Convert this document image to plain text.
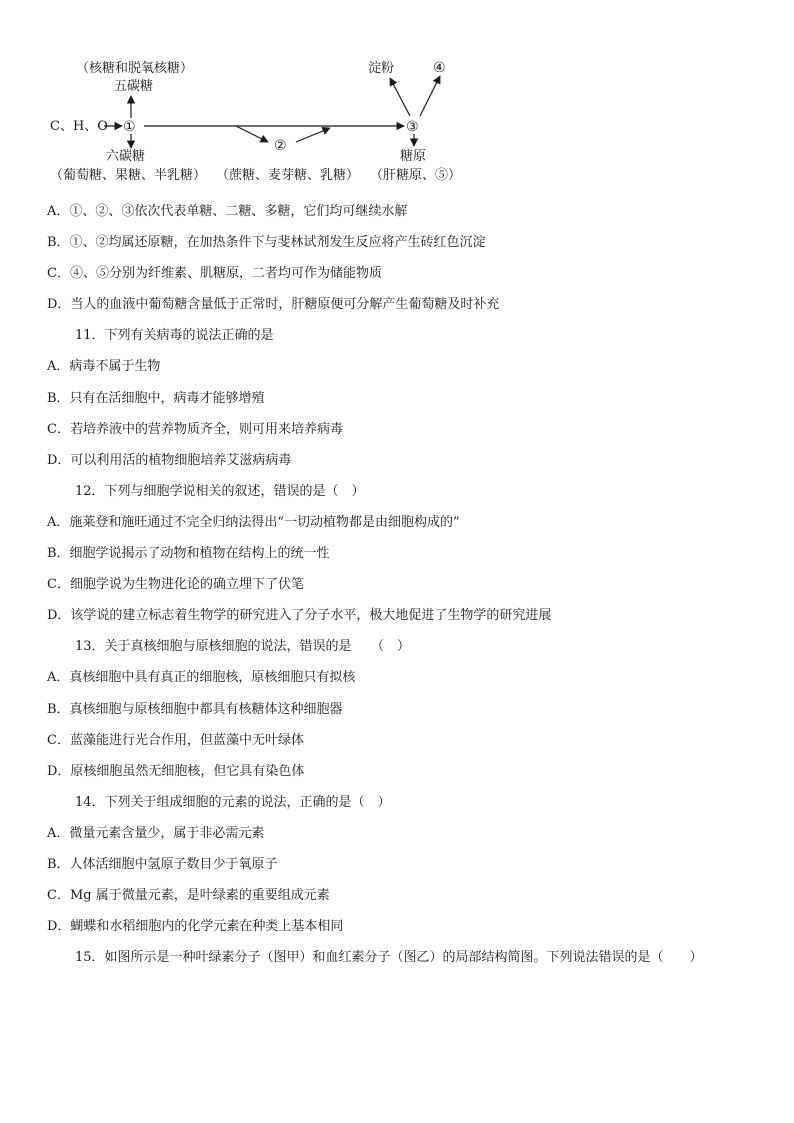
（核糖和脱氧核糖）
五碳糖
C、H、O ①
②
③
淀粉	④
六碳糖
（葡萄糖、果糖、半乳糖） （蔗糖、麦芽糖、乳糖）
糖原
（肝糖原、⑤）
A．①、②、③依次代表单糖、二糖、多糖，它们均可继续水解
B．①、②均属还原糖，在加热条件下与斐林试剂发生反应将产生砖红色沉淀
C．④、⑤分别为纤维素、肌糖原，二者均可作为储能物质
D．当人的血液中葡萄糖含量低于正常时，肝糖原便可分解产生葡萄糖及时补充
11．下列有关病毒的说法正确的是
A．病毒不属于生物
B．只有在活细胞中，病毒才能够增殖
C．若培养液中的营养物质齐全，则可用来培养病毒
D．可以利用活的植物细胞培养艾滋病病毒
12．下列与细胞学说相关的叙述，错误的是（　）
A．施莱登和施旺通过不完全归纳法得出“一切动植物都是由细胞构成的”
B．细胞学说揭示了动物和植物在结构上的统一性
C．细胞学说为生物进化论的确立埋下了伏笔
D．该学说的建立标志着生物学的研究进入了分子水平，极大地促进了生物学的研究进展
13．关于真核细胞与原核细胞的说法，错误的是　　（　）
A．真核细胞中具有真正的细胞核，原核细胞只有拟核
B．真核细胞与原核细胞中都具有核糖体这种细胞器
C．蓝藻能进行光合作用，但蓝藻中无叶绿体
D．原核细胞虽然无细胞核，但它具有染色体
14．下列关于组成细胞的元素的说法，正确的是（　）
A．微量元素含量少，属于非必需元素
B．人体活细胞中氢原子数目少于氧原子
C．Mg 属于微量元素，是叶绿素的重要组成元素
D．蝴蝶和水稻细胞内的化学元素在种类上基本相同
15．如图所示是一种叶绿素分子（图甲）和血红素分子（图乙）的局部结构简图。下列说法错误的是（　　）
